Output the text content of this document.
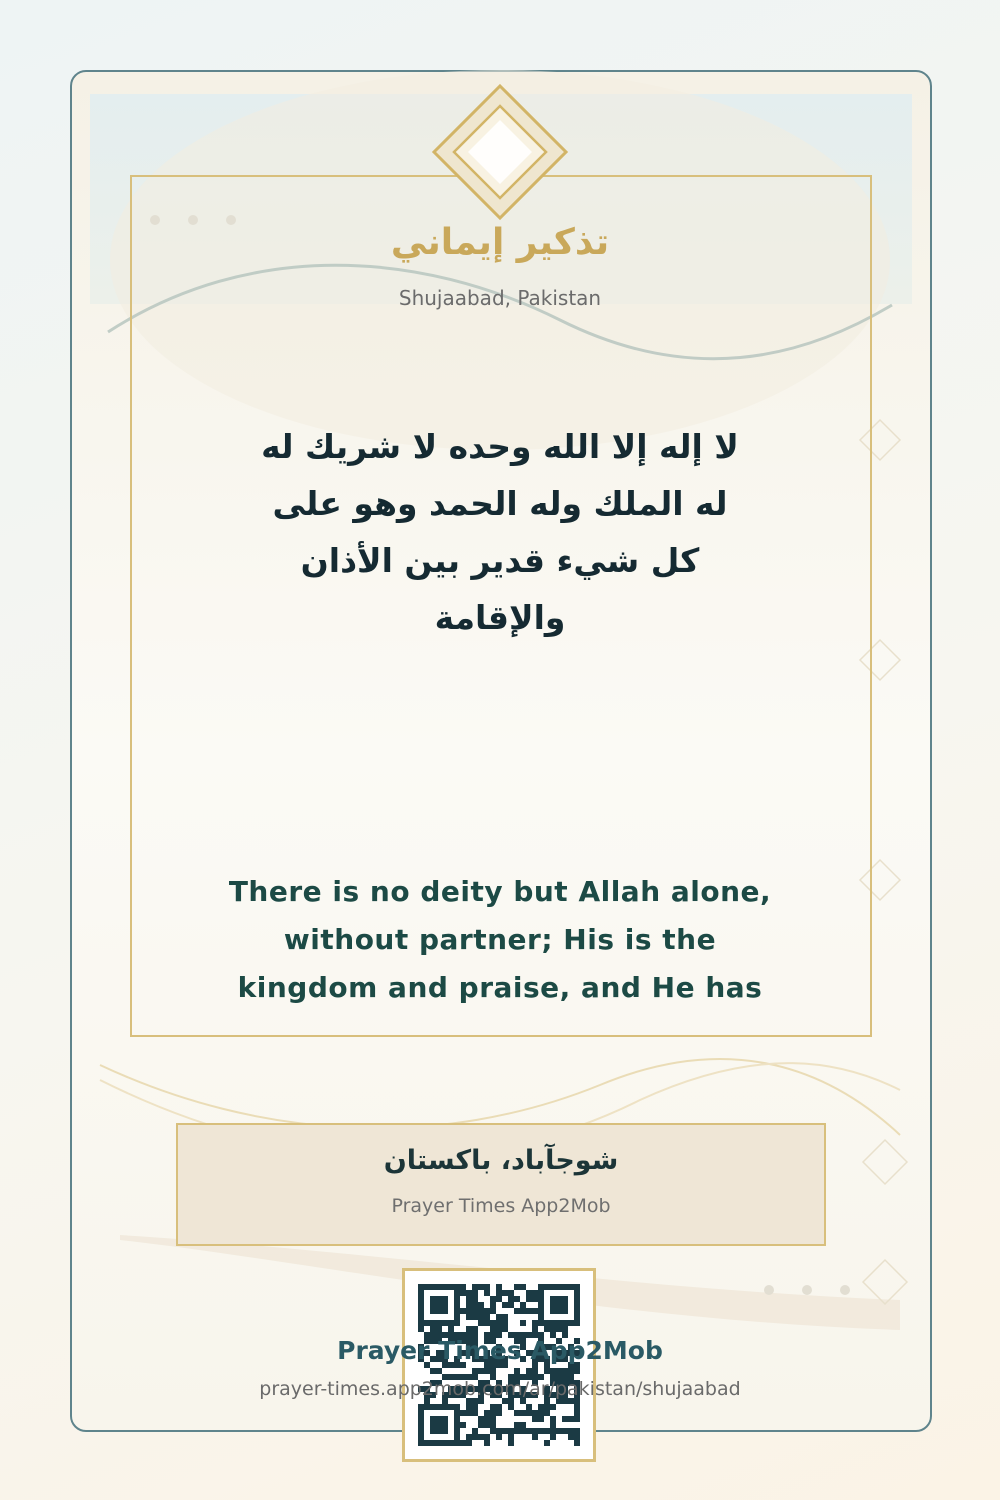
تذكير إيماني
Shujaabad, Pakistan
لا إله إلا الله وحده لا شريك له له الملك وله الحمد وهو على كل شيء قدير بين الأذان والإقامة
There is no deity but Allah alone, without partner; His is the kingdom and praise, and He has
شوجآباد، باكستان
Prayer Times App2Mob
Prayer Times App2Mob
prayer-times.app2mob.com/ar/pakistan/shujaabad
